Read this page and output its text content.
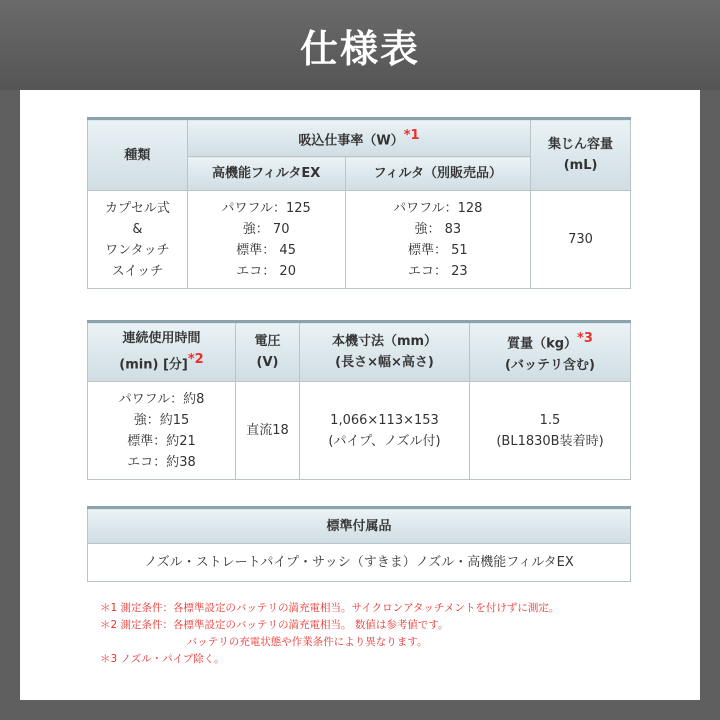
仕様表
種類	吸込仕事率（W）*1		集じん容量
(mL)

	高機能フィルタEX	フィルタ（別販売品）	

カプセル式
&
ワンタッチ
スイッチ	パワフル：125
強： 70
標準： 45
エコ： 20	パワフル：128
強： 83
標準： 51
エコ： 23	730
連続使用時間
(min) [分]*2	電圧
(V)	本機寸法（mm）
(長さ×幅×高さ)	質量（kg）*3
(バッテリ含む)

パワフル：約8
強：約15
標準：約21
エコ：約38	直流18	1,066×113×153
(パイプ、ノズル付)	1.5
(BL1830B装着時)
標準付属品
ノズル・ストレートパイプ・サッシ（すきま）ノズル・高機能フィルタEX
＊1 測定条件：各標準設定のバッテリの満充電相当。サイクロンアタッチメントを付けずに測定。
＊2 測定条件：各標準設定のバッテリの満充電相当。 数値は参考値です。
バッテリの充電状態や作業条件により異なります。
＊3 ノズル・パイプ除く。
